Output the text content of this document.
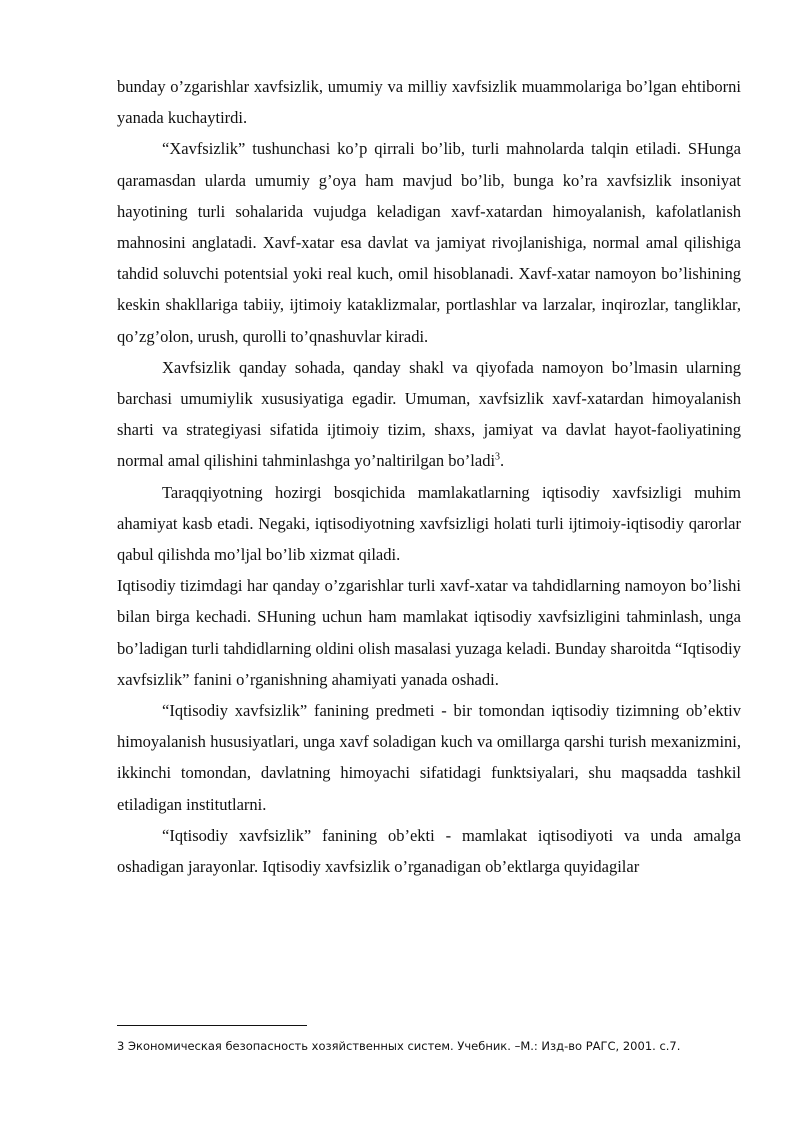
bunday o’zgarishlar xavfsizlik, umumiy va milliy xavfsizlik muammolariga bo’lgan ehtiborni yanada kuchaytirdi.

“Xavfsizlik” tushunchasi ko’p qirrali bo’lib, turli mahnolarda talqin etiladi. SHunga qaramasdan ularda umumiy g’oya ham mavjud bo’lib, bunga ko’ra xavfsizlik insoniyat hayotining turli sohalarida vujudga keladigan xavf-xatardan himoyalanish, kafolatlanish mahnosini anglatadi. Xavf-xatar esa davlat va jamiyat rivojlanishiga, normal amal qilishiga tahdid soluvchi potentsial yoki real kuch, omil hisoblanadi. Xavf-xatar namoyon bo’lishining keskin shakllariga tabiiy, ijtimoiy kataklizmalar, portlashlar va larzalar, inqirozlar, tangliklar, qo’zg’olon, urush, qurolli to’qnashuvlar kiradi.

Xavfsizlik qanday sohada, qanday shakl va qiyofada namoyon bo’lmasin ularning barchasi umumiylik xususiyatiga egadir. Umuman, xavfsizlik xavf-xatardan himoyalanish sharti va strategiyasi sifatida ijtimoiy tizim, shaxs, jamiyat va davlat hayot-faoliyatining normal amal qilishini tahminlashga yo’naltirilgan bo’ladi$^3$.

Taraqqiyotning hozirgi bosqichida mamlakatlarning iqtisodiy xavfsizligi muhim ahamiyat kasb etadi. Negaki, iqtisodiyotning xavfsizligi holati turli ijtimoiy-iqtisodiy qarorlar qabul qilishda mo’ljal bo’lib xizmat qiladi.

Iqtisodiy tizimdagi har qanday o’zgarishlar turli xavf-xatar va tahdidlarning namoyon bo’lishi bilan birga kechadi. SHuning uchun ham mamlakat iqtisodiy xavfsizligini tahminlash, unga bo’ladigan turli tahdidlarning oldini olish masalasi yuzaga keladi. Bunday sharoitda “Iqtisodiy xavfsizlik” fanini o’rganishning ahamiyati yanada oshadi.

“Iqtisodiy xavfsizlik” fanining predmeti - bir tomondan iqtisodiy tizimning ob’ektiv himoyalanish hususiyatlari, unga xavf soladigan kuch va omillarga qarshi turish mexanizmini, ikkinchi tomondan, davlatning himoyachi sifatidagi funktsiyalari, shu maqsadda tashkil etiladigan institutlarni.

“Iqtisodiy xavfsizlik” fanining ob’ekti - mamlakat iqtisodiyoti va unda amalga oshadigan jarayonlar. Iqtisodiy xavfsizlik o’rganadigan ob’ektlarga quyidagilar

3 Экономическая безопасность хозяйственных систем. Учебник. –М.: Изд-во РАГС, 2001. с.7.
